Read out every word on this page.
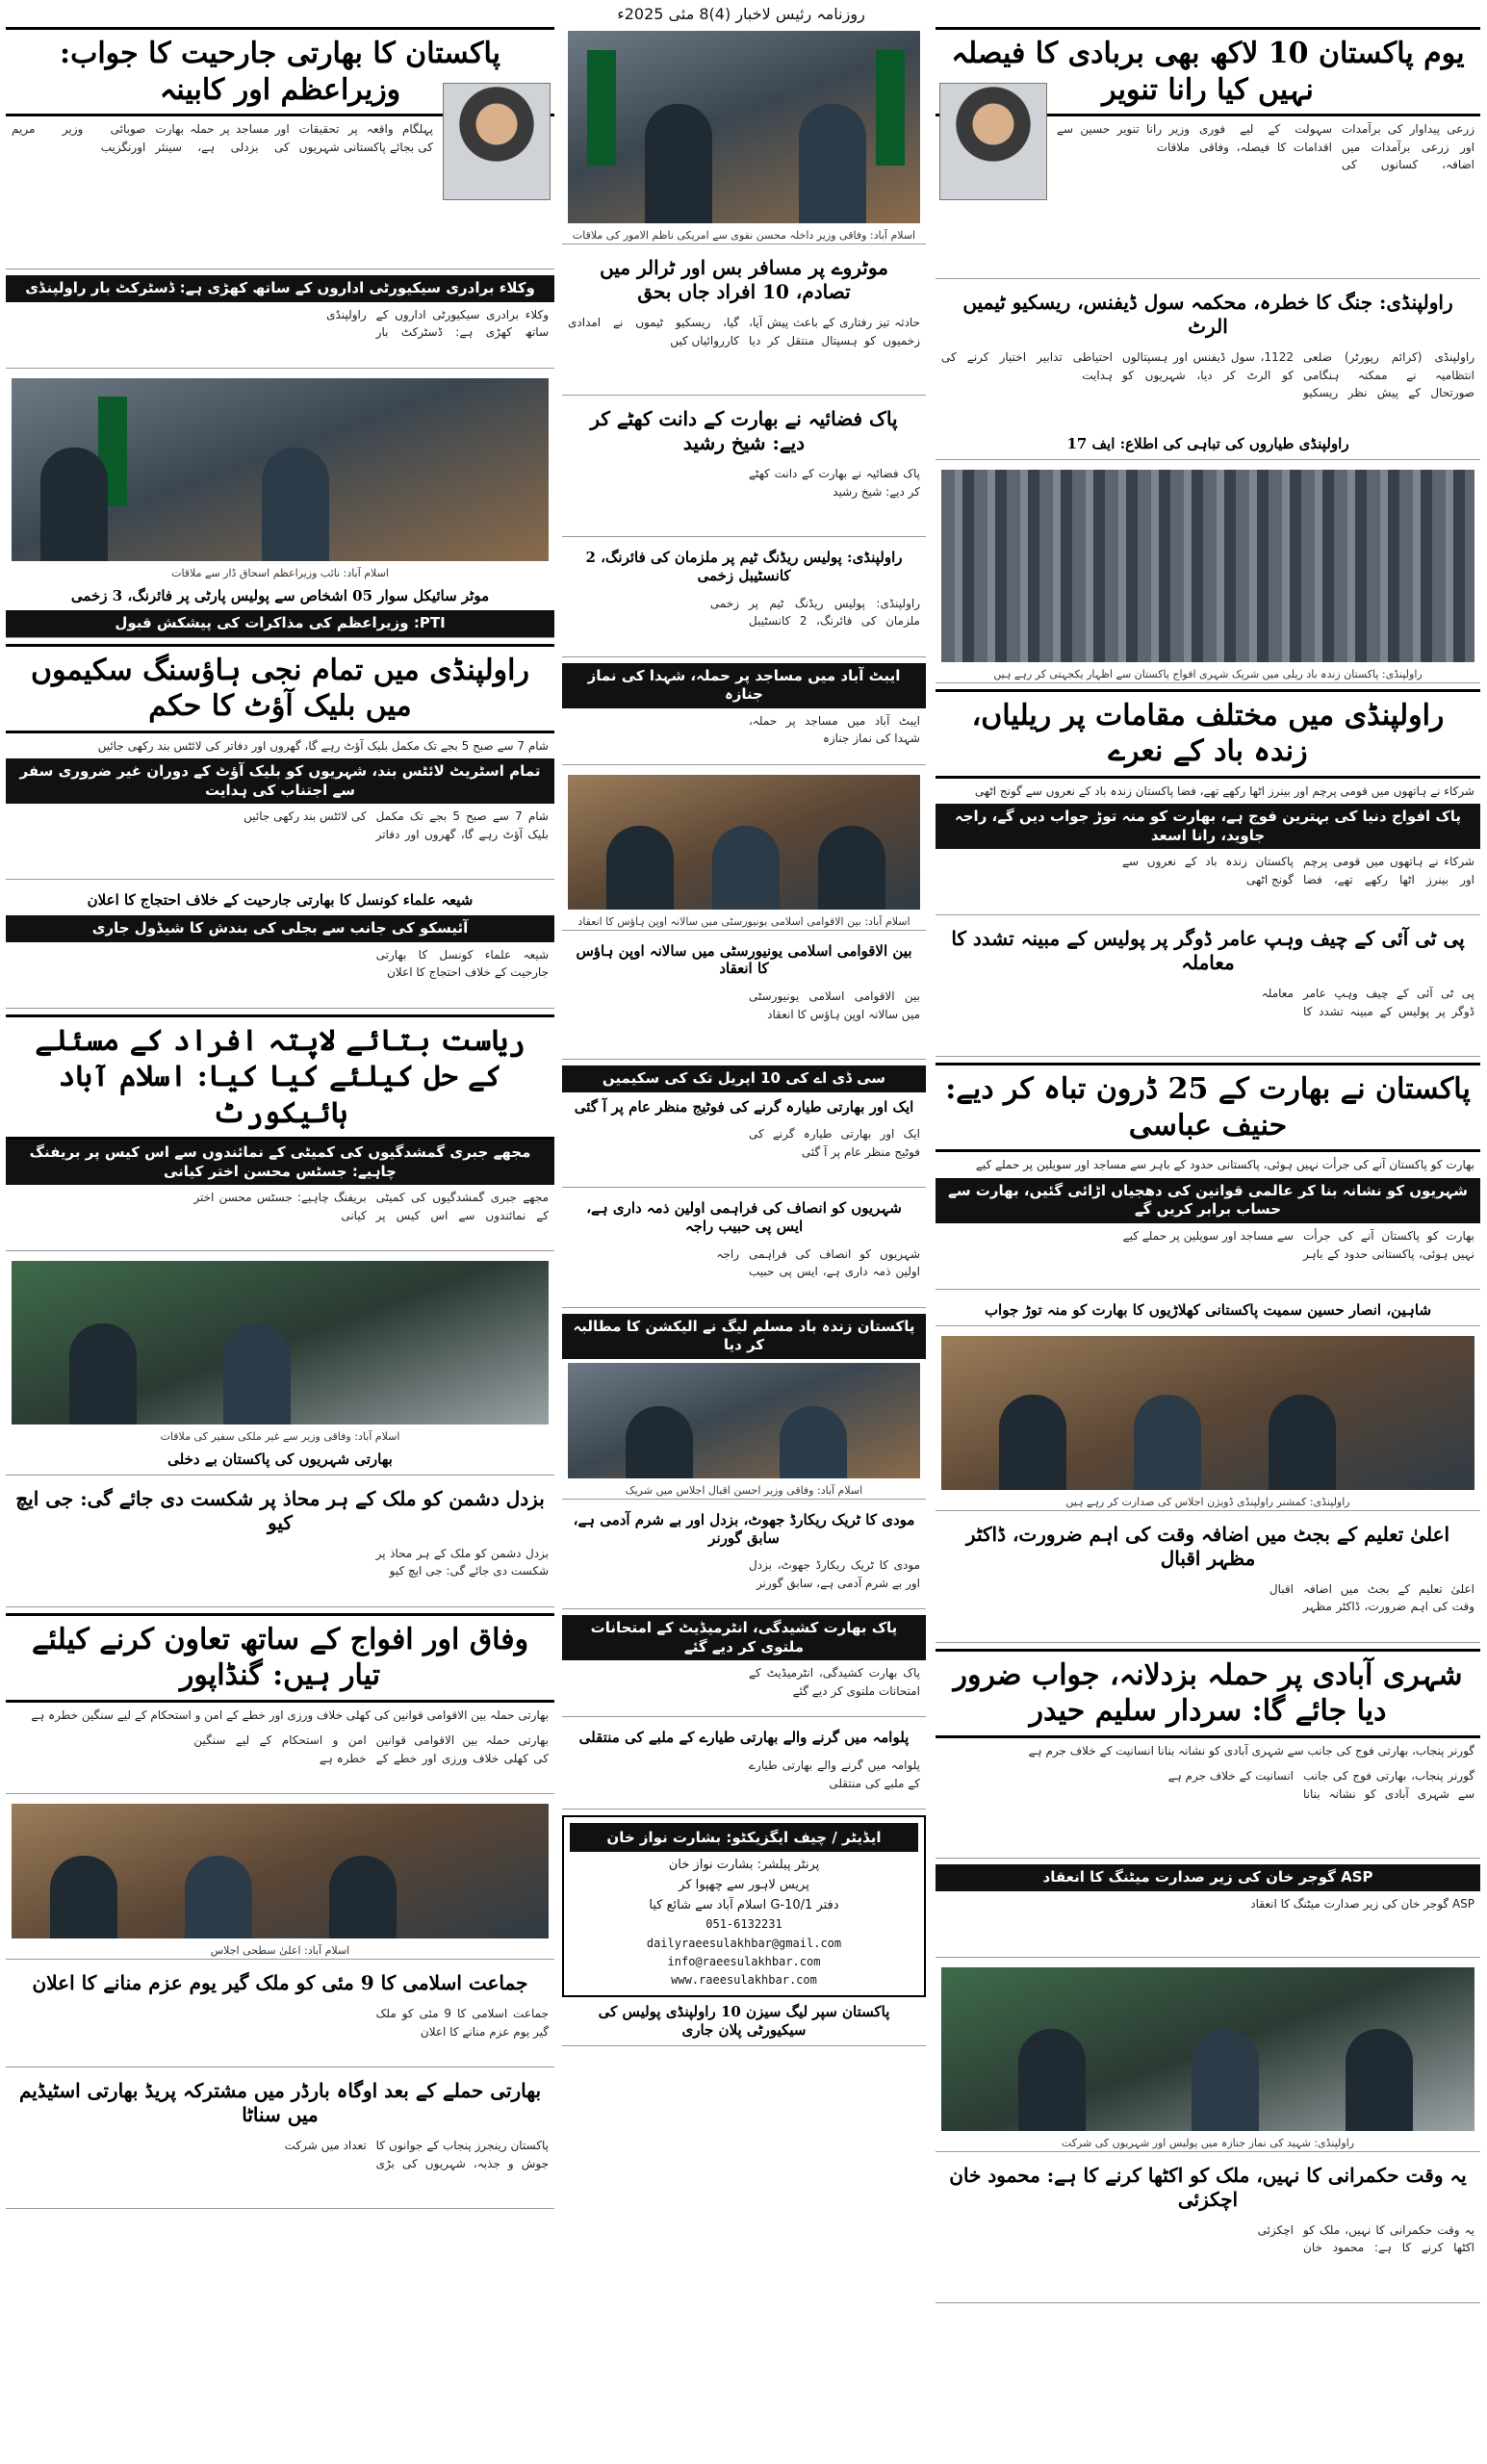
روزنامہ رئیس لاخبار (4)8 مئی 2025ء
یوم پاکستان 10 لاکھ بھی بربادی کا فیصلہ نہیں کیا رانا تنویر
زرعی پیداوار کی برآمدات اور زرعی برآمدات میں اضافہ، کسانوں کی سہولت کے لیے فوری اقدامات کا فیصلہ، وفاقی وزیر رانا تنویر حسین سے ملاقات
راولپنڈی: جنگ کا خطرہ، محکمہ سول ڈیفنس، ریسکیو ٹیمیں الرٹ
راولپنڈی (کرائم رپورٹر) ضلعی انتظامیہ نے ممکنہ ہنگامی صورتحال کے پیش نظر ریسکیو 1122، سول ڈیفنس اور ہسپتالوں کو الرٹ کر دیا، شہریوں کو احتیاطی تدابیر اختیار کرنے کی ہدایت
راولپنڈی طیاروں کی تباہی کی اطلاع: ایف 17
راولپنڈی: پاکستان زندہ باد ریلی میں شریک شہری افواج پاکستان سے اظہار یکجہتی کر رہے ہیں
راولپنڈی میں مختلف مقامات پر ریلیاں، زندہ باد کے نعرے
شرکاء نے ہاتھوں میں قومی پرچم اور بینرز اٹھا رکھے تھے، فضا پاکستان زندہ باد کے نعروں سے گونج اٹھی
پاک افواج دنیا کی بہترین فوج ہے، بھارت کو منہ توڑ جواب دیں گے، راجہ جاوید، رانا اسعد
شرکاء نے ہاتھوں میں قومی پرچم اور بینرز اٹھا رکھے تھے، فضا پاکستان زندہ باد کے نعروں سے گونج اٹھی
پی ٹی آئی کے چیف وہپ عامر ڈوگر پر پولیس کے مبینہ تشدد کا معاملہ
پی ٹی آئی کے چیف وہپ عامر ڈوگر پر پولیس کے مبینہ تشدد کا معاملہ
پاکستان نے بھارت کے 25 ڈرون تباہ کر دیے: حنیف عباسی
بھارت کو پاکستان آنے کی جرأت نہیں ہوئی، پاکستانی حدود کے باہر سے مساجد اور سویلین پر حملے کیے
شہریوں کو نشانہ بنا کر عالمی قوانین کی دھجیاں اڑائی گئیں، بھارت سے حساب برابر کریں گے
بھارت کو پاکستان آنے کی جرأت نہیں ہوئی، پاکستانی حدود کے باہر سے مساجد اور سویلین پر حملے کیے
شاہین، انصار حسین سمیت پاکستانی کھلاڑیوں کا بھارت کو منہ توڑ جواب
راولپنڈی: کمشنر راولپنڈی ڈویژن اجلاس کی صدارت کر رہے ہیں
اعلیٰ تعلیم کے بجٹ میں اضافہ وقت کی اہم ضرورت، ڈاکٹر مظہر اقبال
اعلیٰ تعلیم کے بجٹ میں اضافہ وقت کی اہم ضرورت، ڈاکٹر مظہر اقبال
شہری آبادی پر حملہ بزدلانہ، جواب ضرور دیا جائے گا: سردار سلیم حیدر
گورنر پنجاب، بھارتی فوج کی جانب سے شہری آبادی کو نشانہ بنانا انسانیت کے خلاف جرم ہے
گورنر پنجاب، بھارتی فوج کی جانب سے شہری آبادی کو نشانہ بنانا انسانیت کے خلاف جرم ہے
ASP گوجر خان کی زیر صدارت میٹنگ کا انعقاد
ASP گوجر خان کی زیر صدارت میٹنگ کا انعقاد
راولپنڈی: شہید کی نماز جنازہ میں پولیس اور شہریوں کی شرکت
یہ وقت حکمرانی کا نہیں، ملک کو اکٹھا کرنے کا ہے: محمود خان اچکزئی
یہ وقت حکمرانی کا نہیں، ملک کو اکٹھا کرنے کا ہے: محمود خان اچکزئی
اسلام آباد: وفاقی وزیر داخلہ محسن نقوی سے امریکی ناظم الامور کی ملاقات
موٹروے پر مسافر بس اور ٹرالر میں تصادم، 10 افراد جاں بحق
حادثہ تیز رفتاری کے باعث پیش آیا، زخمیوں کو ہسپتال منتقل کر دیا گیا، ریسکیو ٹیموں نے امدادی کارروائیاں کیں
پاک فضائیہ نے بھارت کے دانت کھٹے کر دیے: شیخ رشید
پاک فضائیہ نے بھارت کے دانت کھٹے کر دیے: شیخ رشید
راولپنڈی: پولیس ریڈنگ ٹیم پر ملزمان کی فائرنگ، 2 کانسٹیبل زخمی
راولپنڈی: پولیس ریڈنگ ٹیم پر ملزمان کی فائرنگ، 2 کانسٹیبل زخمی
ایبٹ آباد میں مساجد پر حملہ، شہدا کی نماز جنازہ
ایبٹ آباد میں مساجد پر حملہ، شہدا کی نماز جنازہ
اسلام آباد: بین الاقوامی اسلامی یونیورسٹی میں سالانہ اوپن ہاؤس کا انعقاد
بین الاقوامی اسلامی یونیورسٹی میں سالانہ اوپن ہاؤس کا انعقاد
بین الاقوامی اسلامی یونیورسٹی میں سالانہ اوپن ہاؤس کا انعقاد
سی ڈی اے کی 10 اپریل تک کی سکیمیں
ایک اور بھارتی طیارہ گرنے کی فوٹیج منظر عام پر آ گئی
ایک اور بھارتی طیارہ گرنے کی فوٹیج منظر عام پر آ گئی
شہریوں کو انصاف کی فراہمی اولین ذمہ داری ہے، ایس پی حبیب راجہ
شہریوں کو انصاف کی فراہمی اولین ذمہ داری ہے، ایس پی حبیب راجہ
پاکستان زندہ باد مسلم لیگ نے الیکشن کا مطالبہ کر دیا
اسلام آباد: وفاقی وزیر احسن اقبال اجلاس میں شریک
مودی کا ٹریک ریکارڈ جھوٹ، بزدل اور بے شرم آدمی ہے، سابق گورنر
مودی کا ٹریک ریکارڈ جھوٹ، بزدل اور بے شرم آدمی ہے، سابق گورنر
پاک بھارت کشیدگی، انٹرمیڈیٹ کے امتحانات ملتوی کر دیے گئے
پاک بھارت کشیدگی، انٹرمیڈیٹ کے امتحانات ملتوی کر دیے گئے
پلوامہ میں گرنے والے بھارتی طیارے کے ملبے کی منتقلی
پلوامہ میں گرنے والے بھارتی طیارے کے ملبے کی منتقلی
ایڈیٹر / چیف ایگزیکٹو: بشارت نواز خان
پرنٹر پبلشر: بشارت نواز خان
پریس لاہور سے چھپوا کر
دفتر G-10/1 اسلام آباد سے شائع کیا
051-6132231
dailyraeesulakhbar@gmail.com
info@raeesulakhbar.com
www.raeesulakhbar.com
پاکستان سپر لیگ سیزن 10 راولپنڈی پولیس کی سیکیورٹی پلان جاری
پاکستان کا بھارتی جارحیت کا جواب: وزیراعظم اور کابینہ
پہلگام واقعہ پر تحقیقات کی بجائے پاکستانی شہریوں اور مساجد پر حملہ بھارت کی بزدلی ہے، سینئر صوبائی وزیر مریم اورنگزیب
وکلاء برادری سیکیورٹی اداروں کے ساتھ کھڑی ہے: ڈسٹرکٹ بار راولپنڈی
وکلاء برادری سیکیورٹی اداروں کے ساتھ کھڑی ہے: ڈسٹرکٹ بار راولپنڈی
اسلام آباد: نائب وزیراعظم اسحاق ڈار سے ملاقات
موٹر سائیکل سوار 05 اشخاص سے پولیس پارٹی پر فائرنگ، 3 زخمی
PTI: وزیراعظم کی مذاکرات کی پیشکش قبول
راولپنڈی میں تمام نجی ہاؤسنگ سکیموں میں بلیک آؤٹ کا حکم
شام 7 سے صبح 5 بجے تک مکمل بلیک آؤٹ رہے گا، گھروں اور دفاتر کی لائٹس بند رکھی جائیں
تمام اسٹریٹ لائٹس بند، شہریوں کو بلیک آؤٹ کے دوران غیر ضروری سفر سے اجتناب کی ہدایت
شام 7 سے صبح 5 بجے تک مکمل بلیک آؤٹ رہے گا، گھروں اور دفاتر کی لائٹس بند رکھی جائیں
شیعہ علماء کونسل کا بھارتی جارحیت کے خلاف احتجاج کا اعلان
آئیسکو کی جانب سے بجلی کی بندش کا شیڈول جاری
شیعہ علماء کونسل کا بھارتی جارحیت کے خلاف احتجاج کا اعلان
ریاست بتائے لاپتہ افراد کے مسئلے کے حل کیلئے کیا کیا: اسلام آباد ہائیکورٹ
مجھے جبری گمشدگیوں کی کمیٹی کے نمائندوں سے اس کیس پر بریفنگ چاہیے: جسٹس محسن اختر کیانی
مجھے جبری گمشدگیوں کی کمیٹی کے نمائندوں سے اس کیس پر بریفنگ چاہیے: جسٹس محسن اختر کیانی
اسلام آباد: وفاقی وزیر سے غیر ملکی سفیر کی ملاقات
بھارتی شہریوں کی پاکستان بے دخلی
بزدل دشمن کو ملک کے ہر محاذ پر شکست دی جائے گی: جی ایچ کیو
بزدل دشمن کو ملک کے ہر محاذ پر شکست دی جائے گی: جی ایچ کیو
وفاق اور افواج کے ساتھ تعاون کرنے کیلئے تیار ہیں: گنڈاپور
بھارتی حملہ بین الاقوامی قوانین کی کھلی خلاف ورزی اور خطے کے امن و استحکام کے لیے سنگین خطرہ ہے
بھارتی حملہ بین الاقوامی قوانین کی کھلی خلاف ورزی اور خطے کے امن و استحکام کے لیے سنگین خطرہ ہے
اسلام آباد: اعلیٰ سطحی اجلاس
جماعت اسلامی کا 9 مئی کو ملک گیر یوم عزم منانے کا اعلان
جماعت اسلامی کا 9 مئی کو ملک گیر یوم عزم منانے کا اعلان
بھارتی حملے کے بعد اوگاہ بارڈر میں مشترکہ پریڈ بھارتی اسٹیڈیم میں سناٹا
پاکستان رینجرز پنجاب کے جوانوں کا جوش و جذبہ، شہریوں کی بڑی تعداد میں شرکت
